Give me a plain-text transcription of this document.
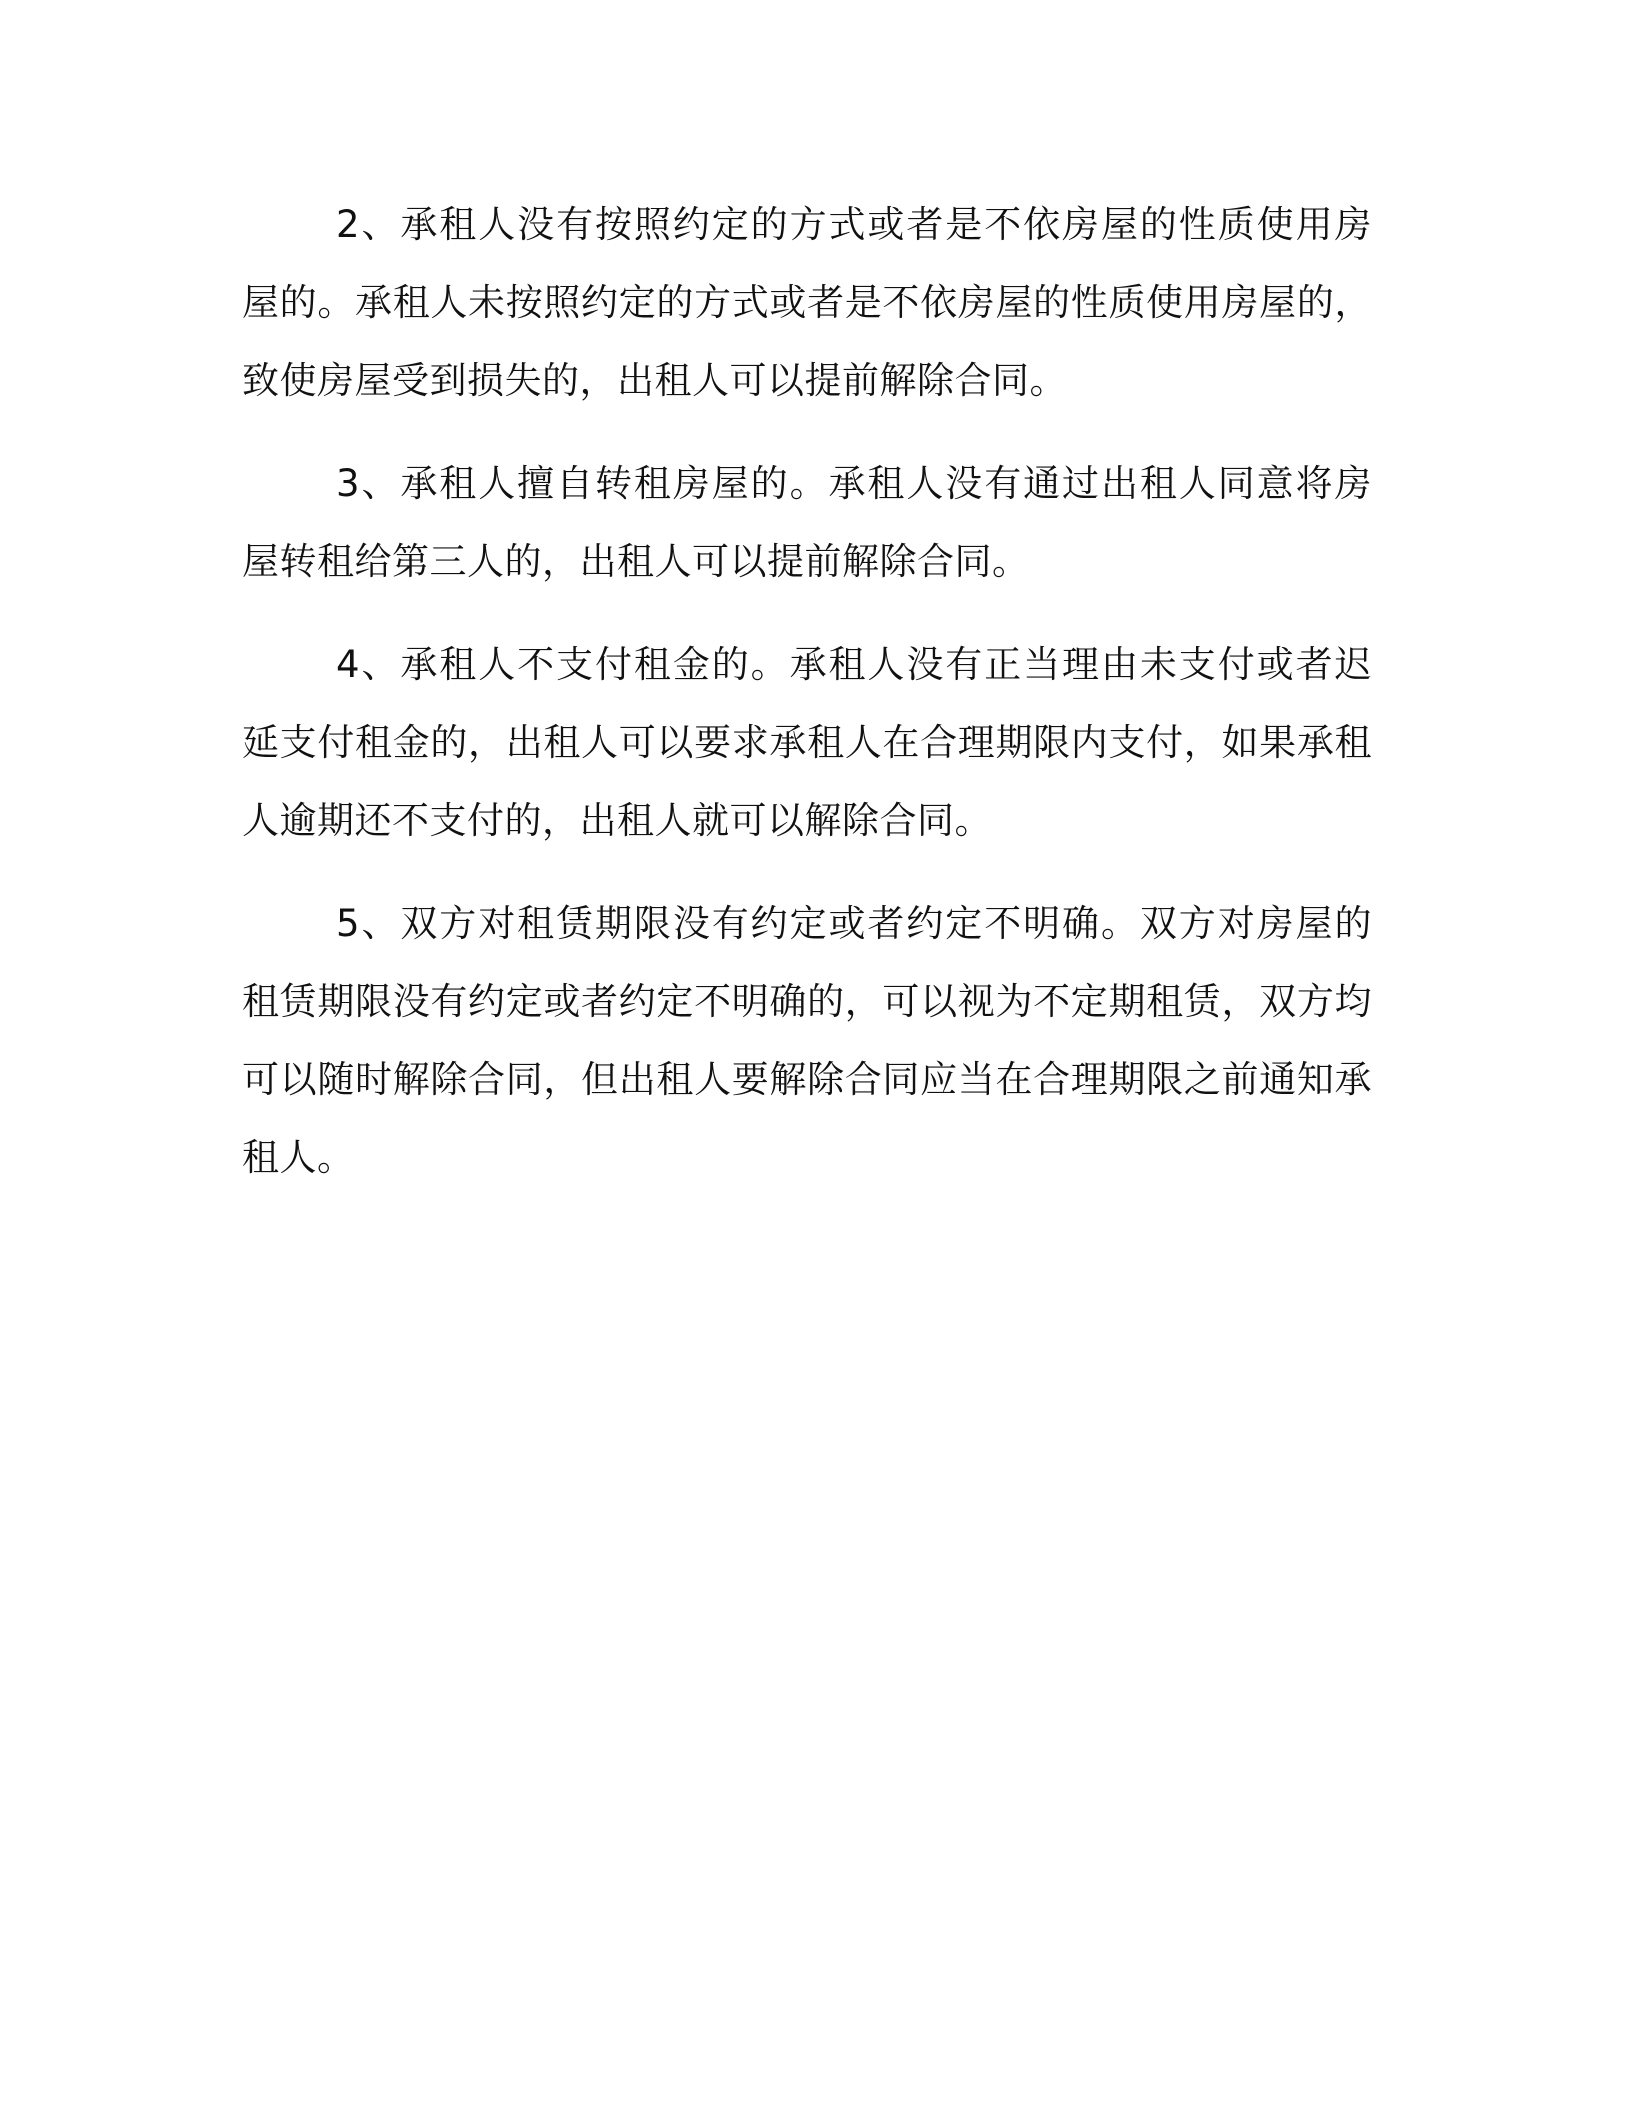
2、承租人没有按照约定的方式或者是不依房屋的性质使用房屋的。承租人未按照约定的方式或者是不依房屋的性质使用房屋的，致使房屋受到损失的，出租人可以提前解除合同。

3、承租人擅自转租房屋的。承租人没有通过出租人同意将房屋转租给第三人的，出租人可以提前解除合同。

4、承租人不支付租金的。承租人没有正当理由未支付或者迟延支付租金的，出租人可以要求承租人在合理期限内支付，如果承租人逾期还不支付的，出租人就可以解除合同。

5、双方对租赁期限没有约定或者约定不明确。双方对房屋的租赁期限没有约定或者约定不明确的，可以视为不定期租赁，双方均可以随时解除合同，但出租人要解除合同应当在合理期限之前通知承租人。
